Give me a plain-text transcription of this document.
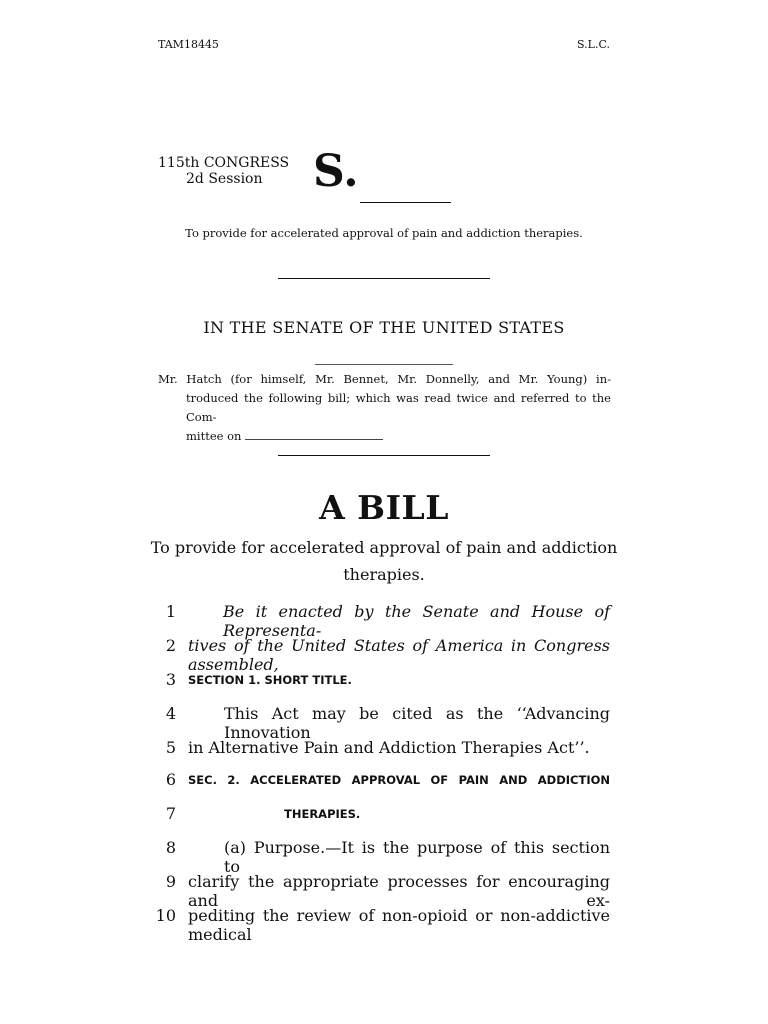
TAM18445	S.L.C.
115th CONGRESS
2d Session	S.
To provide for accelerated approval of pain and addiction therapies.
IN THE SENATE OF THE UNITED STATES
Mr. Hatch (for himself, Mr. Bennet, Mr. Donnelly, and Mr. Young) in-
troduced the following bill; which was read twice and referred to the Com-
mittee on
A BILL
To provide for accelerated approval of pain and addiction
therapies.
1	Be it enacted by the Senate and House of Representa-
2 tives of the United States of America in Congress assembled,
3 SECTION 1. SHORT TITLE.
4	This Act may be cited as the ‘‘Advancing Innovation
5 in Alternative Pain and Addiction Therapies Act’’.
6 SEC. 2. ACCELERATED APPROVAL OF PAIN AND ADDICTION
7	THERAPIES.
8	(a) Purpose.—It is the purpose of this section to
9 clarify the appropriate processes for encouraging and ex-
10 pediting the review of non-opioid or non-addictive medical
